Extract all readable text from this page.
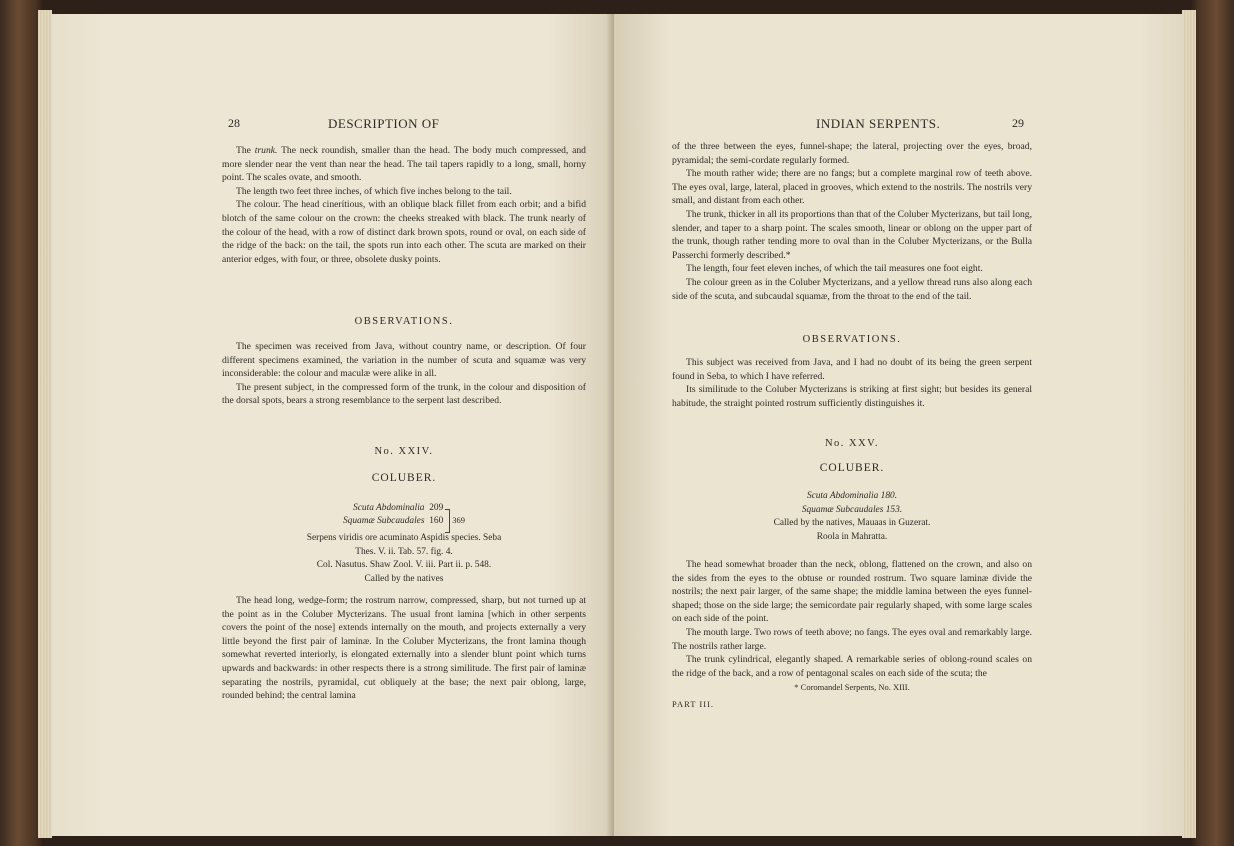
28	DESCRIPTION OF

The trunk. The neck roundish, smaller than the head. The body much compressed, and more slender near the vent than near the head. The tail tapers rapidly to a long, small, horny point. The scales ovate, and smooth.

The length two feet three inches, of which five inches belong to the tail.

The colour. The head cinerítious, with an oblique black fillet from each orbit; and a bifid blotch of the same colour on the crown: the cheeks streaked with black. The trunk nearly of the colour of the head, with a row of distinct dark brown spots, round or oval, on each side of the ridge of the back: on the tail, the spots run into each other. The scuta are marked on their anterior edges, with four, or three, obsolete dusky points.

OBSERVATIONS.

The specimen was received from Java, without country name, or description. Of four different specimens examined, the variation in the number of scuta and squamæ was very inconsiderable: the colour and maculæ were alike in all.

The present subject, in the compressed form of the trunk, in the colour and disposition of the dorsal spots, bears a strong resemblance to the serpent last described.

No. XXIV.
COLUBER.
Scuta Abdominalia 209
Squamæ Subcaudales 160 369
Serpens viridis ore acuminato Aspidis species. Seba
Thes. V. ii. Tab. 57. fig. 4.
Col. Nasutus. Shaw Zool. V. iii. Part ii. p. 548.
Called by the natives

The head long, wedge-form; the rostrum narrow, compressed, sharp, but not turned up at the point as in the Coluber Mycterizans. The usual front lamina [which in other serpents covers the point of the nose] extends internally on the mouth, and projects externally a very little beyond the first pair of laminæ. In the Coluber Mycterizans, the front lamina though somewhat reverted interiorly, is elongated externally into a slender blunt point which turns upwards and backwards: in other respects there is a strong similitude. The first pair of laminæ separating the nostrils, pyramidal, cut obliquely at the base; the next pair oblong, large, rounded behind; the central lamina

INDIAN SERPENTS.	29

of the three between the eyes, funnel-shape; the lateral, projecting over the eyes, broad, pyramidal; the semi-cordate regularly formed.

The mouth rather wide; there are no fangs; but a complete marginal row of teeth above. The eyes oval, large, lateral, placed in grooves, which extend to the nostrils. The nostrils very small, and distant from each other.

The trunk, thicker in all its proportions than that of the Coluber Mycterizans, but tail long, slender, and taper to a sharp point. The scales smooth, linear or oblong on the upper part of the trunk, though rather tending more to oval than in the Coluber Mycterizans, or the Bulla Passerchi formerly described.*

The length, four feet eleven inches, of which the tail measures one foot eight.

The colour green as in the Coluber Mycterizans, and a yellow thread runs also along each side of the scuta, and subcaudal squamæ, from the throat to the end of the tail.

OBSERVATIONS.

This subject was received from Java, and I had no doubt of its being the green serpent found in Seba, to which I have referred.

Its similitude to the Coluber Mycterizans is striking at first sight; but besides its general habitude, the straight pointed rostrum sufficiently distinguishes it.

No. XXV.
COLUBER.
Scuta Abdominalia 180.
Squamæ Subcaudales 153.
Called by the natives, Mauaas in Guzerat.
Roola in Mahratta.

The head somewhat broader than the neck, oblong, flattened on the crown, and also on the sides from the eyes to the obtuse or rounded rostrum. Two square laminæ divide the nostrils; the next pair larger, of the same shape; the middle lamina between the eyes funnel-shaped; those on the side large; the semicordate pair regularly shaped, with some large scales on each side of the point.

The mouth large. Two rows of teeth above; no fangs. The eyes oval and remarkably large. The nostrils rather large.

The trunk cylindrical, elegantly shaped. A remarkable series of oblong-round scales on the ridge of the back, and a row of pentagonal scales on each side of the scuta; the

* Coromandel Serpents, No. XIII.
PART III.
